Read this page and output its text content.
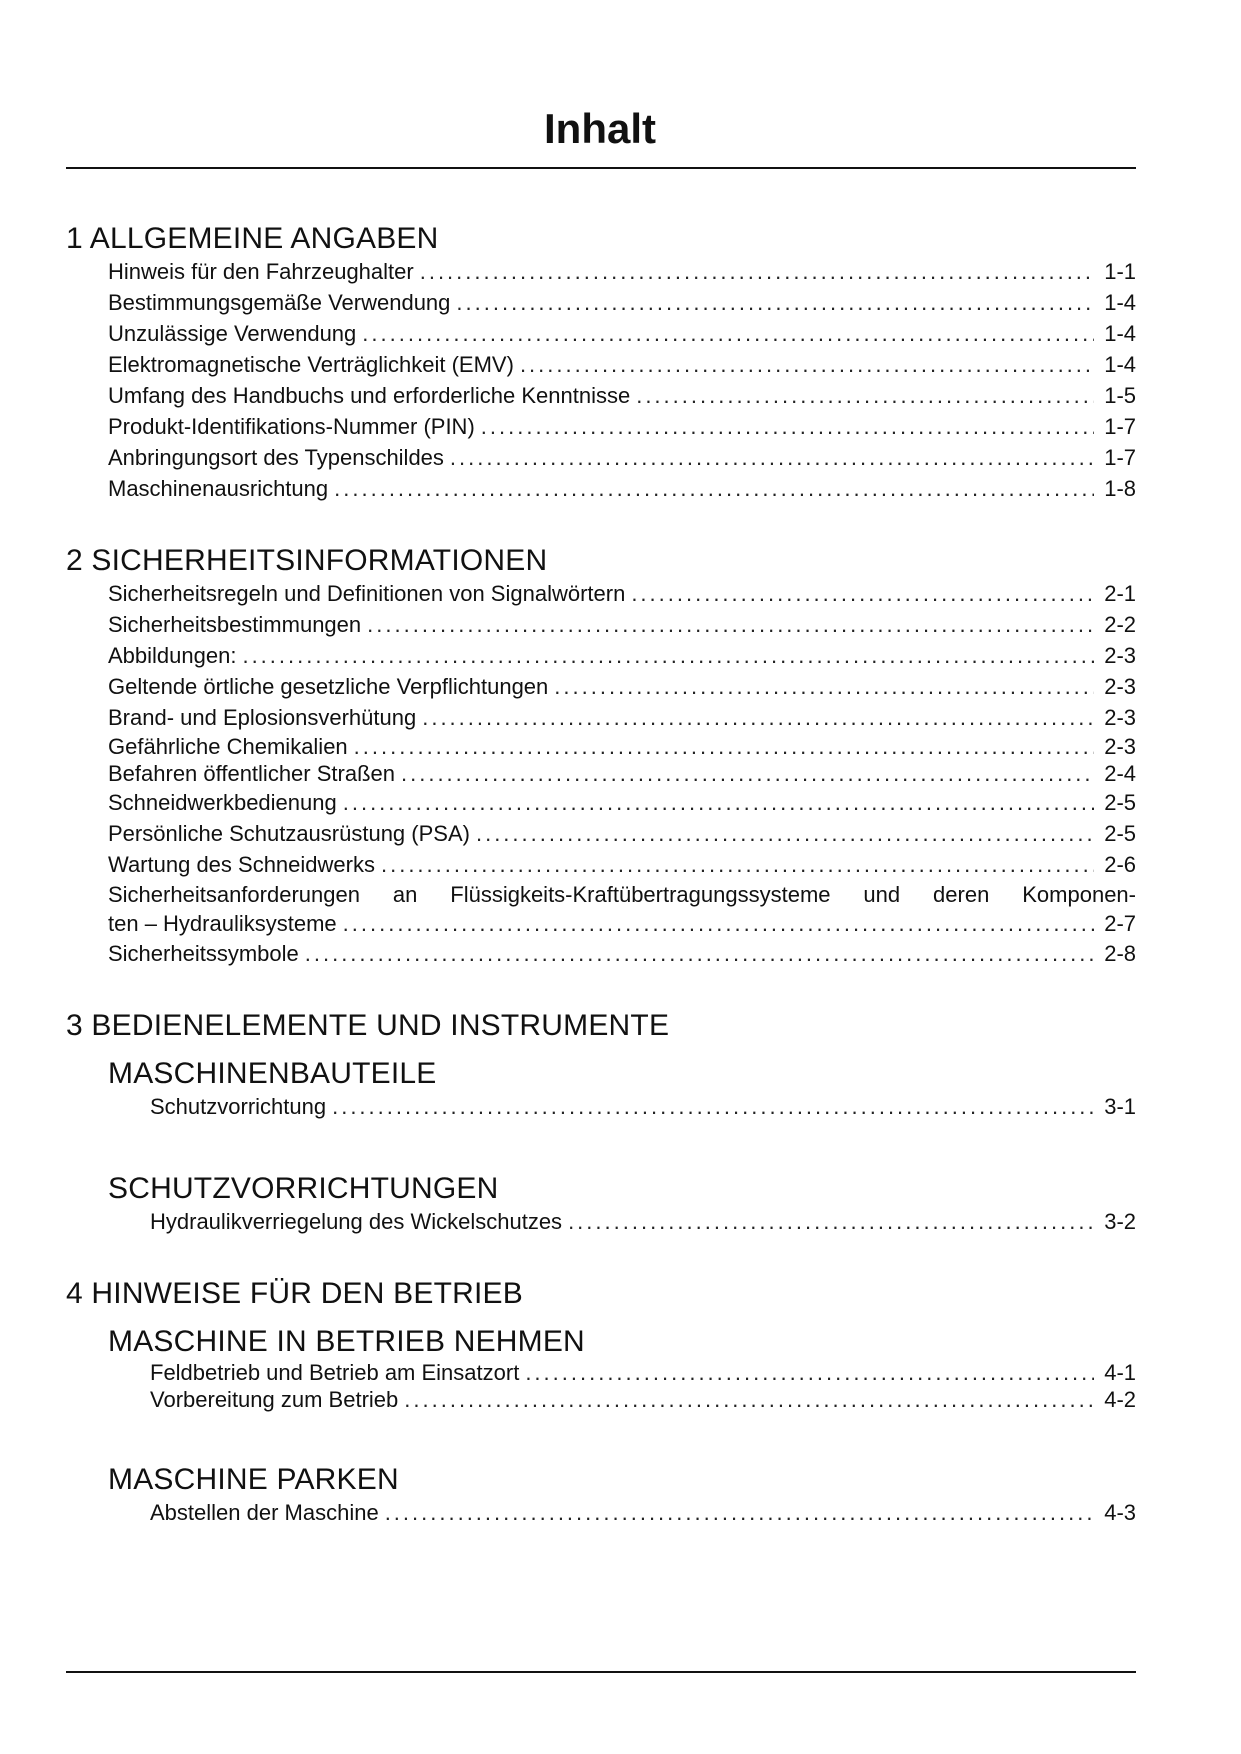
Inhalt
1 ALLGEMEINE ANGABEN
Hinweis für den Fahrzeughalter .....	1-1
Bestimmungsgemäße Verwendung .....	1-4
Unzulässige Verwendung .....	1-4
Elektromagnetische Verträglichkeit (EMV) .....	1-4
Umfang des Handbuchs und erforderliche Kenntnisse .....	1-5
Produkt-Identifikations-Nummer (PIN) .....	1-7
Anbringungsort des Typenschildes .....	1-7
Maschinenausrichtung .....	1-8
2 SICHERHEITSINFORMATIONEN
Sicherheitsregeln und Definitionen von Signalwörtern .....	2-1
Sicherheitsbestimmungen .....	2-2
Abbildungen: .....	2-3
Geltende örtliche gesetzliche Verpflichtungen .....	2-3
Brand- und Eplosionsverhütung .....	2-3
Gefährliche Chemikalien .....	2-3
Befahren öffentlicher Straßen .....	2-4
Schneidwerkbedienung .....	2-5
Persönliche Schutzausrüstung (PSA) .....	2-5
Wartung des Schneidwerks .....	2-6
Sicherheitsanforderungen an Flüssigkeits-Kraftübertragungssysteme und deren Komponen-
ten – Hydrauliksysteme .....	2-7
Sicherheitssymbole .....	2-8
3 BEDIENELEMENTE UND INSTRUMENTE
MASCHINENBAUTEILE
Schutzvorrichtung .....	3-1
SCHUTZVORRICHTUNGEN
Hydraulikverriegelung des Wickelschutzes .....	3-2
4 HINWEISE FÜR DEN BETRIEB
MASCHINE IN BETRIEB NEHMEN
Feldbetrieb und Betrieb am Einsatzort .....	4-1
Vorbereitung zum Betrieb .....	4-2
MASCHINE PARKEN
Abstellen der Maschine .....	4-3
